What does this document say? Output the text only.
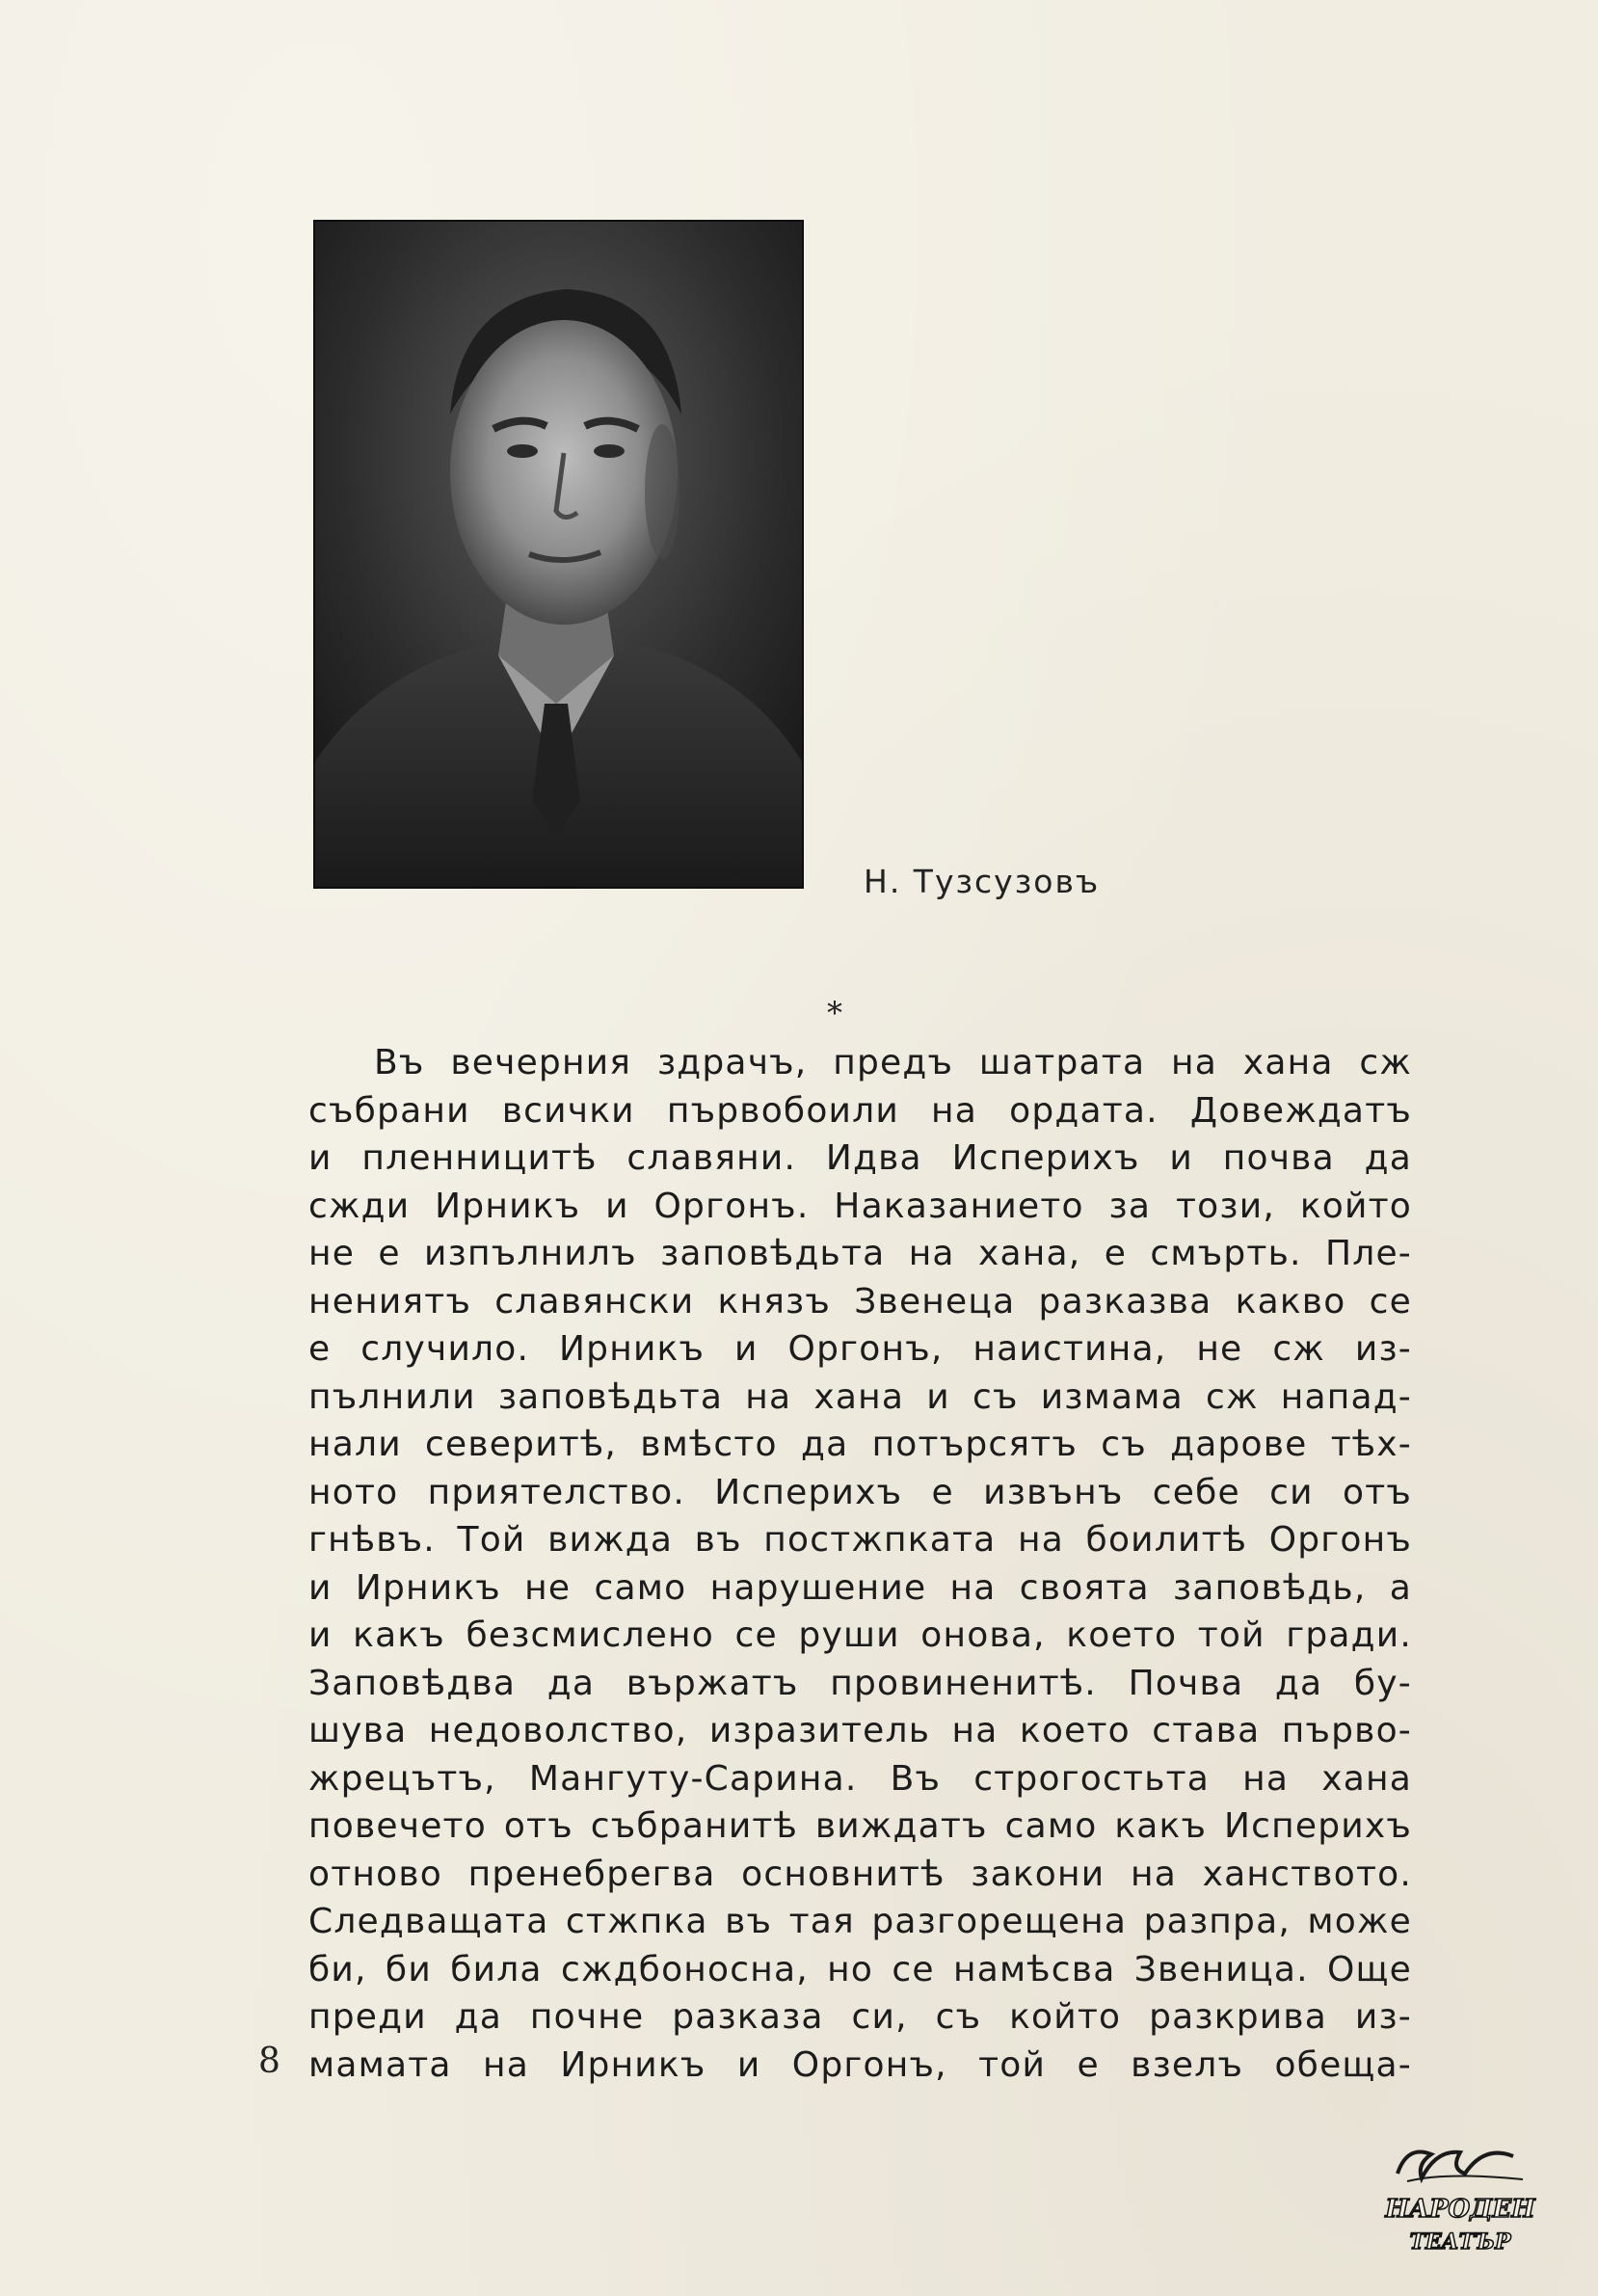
Н. Тузсузовъ
*
Въ вечерния здрачъ, предъ шатрата на хана сж
събрани всички първобоили на ордата. Довеждатъ
и пленницитѣ славяни. Идва Исперихъ и почва да
сжди Ирникъ и Оргонъ. Наказанието за този, който
не е изпълнилъ заповѣдьта на хана, е смърть. Пле-
нениятъ славянски князъ Звенеца разказва какво се
е случило. Ирникъ и Оргонъ, наистина, не сж из-
пълнили заповѣдьта на хана и съ измама сж напад-
нали северитѣ, вмѣсто да потърсятъ съ дарове тѣх-
ното приятелство. Исперихъ е извънъ себе си отъ
гнѣвъ. Той вижда въ постжпката на боилитѣ Оргонъ
и Ирникъ не само нарушение на своята заповѣдь, а
и какъ безсмислено се руши онова, което той гради.
Заповѣдва да вържатъ провиненитѣ. Почва да бу-
шува недоволство, изразитель на което става първо-
жрецътъ, Мангуту-Сарина. Въ строгостьта на хана
повечето отъ събранитѣ виждатъ само какъ Исперихъ
отново пренебрегва основнитѣ закони на ханството.
Следващата стжпка въ тая разгорещена разпра, може
би, би била сждбоносна, но се намѣсва Звеница. Още
преди да почне разказа си, съ който разкрива из-
мамата на Ирникъ и Оргонъ, той е взелъ обеща-
8
НАРОДЕН
ТЕАТЪР
